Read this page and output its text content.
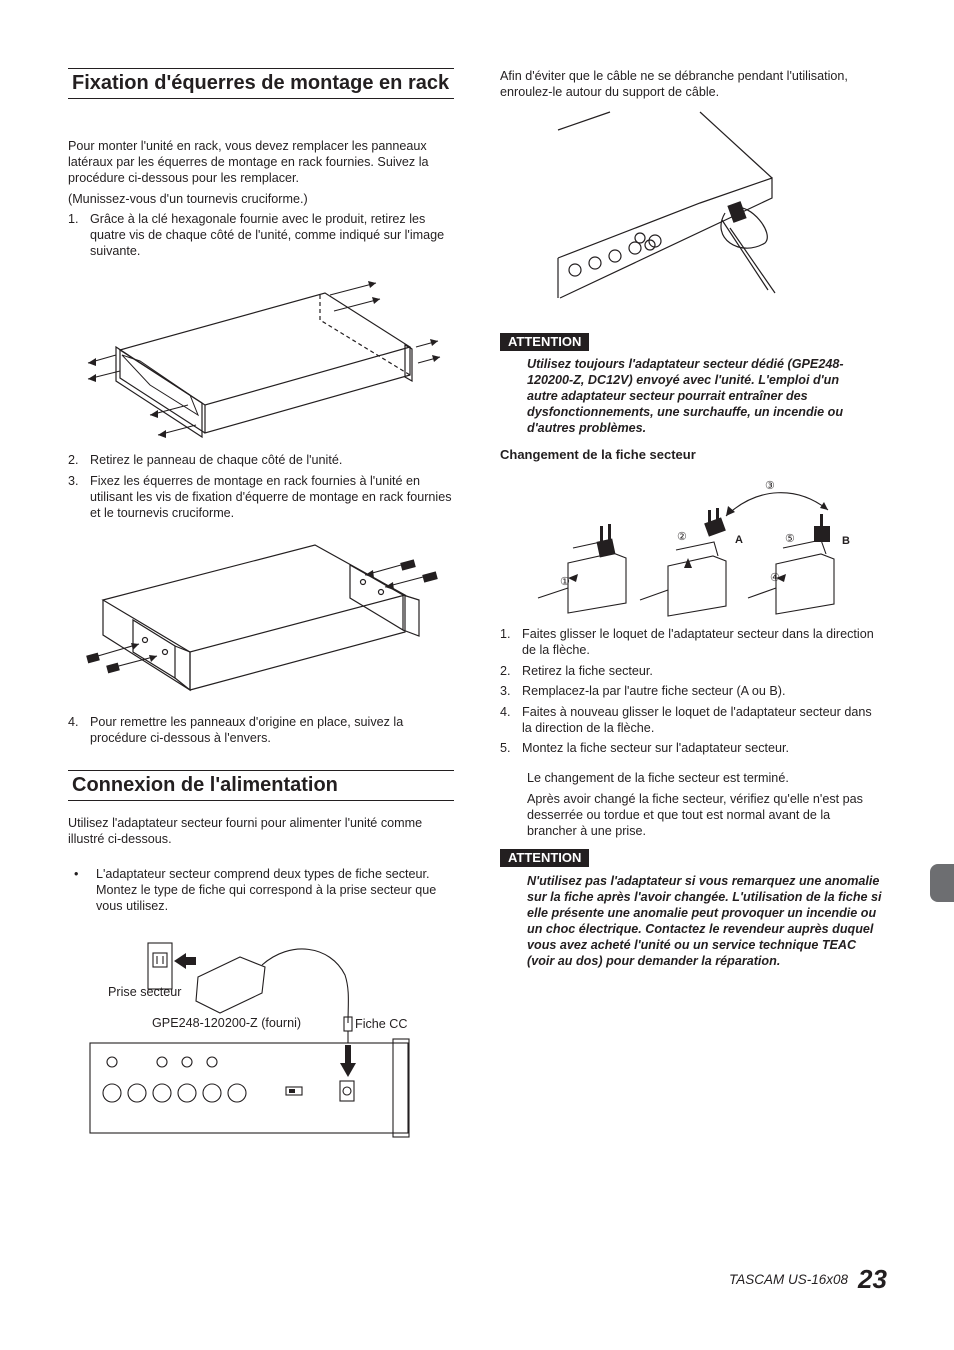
Fixation d'équerres de montage en rack
Pour monter l'unité en rack, vous devez remplacer les panneaux latéraux par les équerres de montage en rack fournies. Suivez la procédure ci-dessous pour les remplacer.
(Munissez-vous d'un tournevis cruciforme.)
1. Grâce à la clé hexagonale fournie avec le produit, retirez les quatre vis de chaque côté de l'unité, comme indiqué sur l'image suivante.
2. Retirez le panneau de chaque côté de l'unité.
3. Fixez les équerres de montage en rack fournies à l'unité en utilisant les vis de fixation d'équerre de montage en rack fournies et le tournevis cruciforme.
4. Pour remettre les panneaux d'origine en place, suivez la procédure ci-dessous à l'envers.
Connexion de l'alimentation
Utilisez l'adaptateur secteur fourni pour alimenter l'unité comme illustré ci-dessous.
• L'adaptateur secteur comprend deux types de fiche secteur. Montez le type de fiche qui correspond à la prise secteur que vous utilisez.
Prise secteur
GPE248-120200-Z (fourni)	Fiche CC
Afin d'éviter que le câble ne se débranche pendant l'utilisation, enroulez-le autour du support de câble.
ATTENTION
Utilisez toujours l'adaptateur secteur dédié (GPE248-120200-Z, DC12V) envoyé avec l'unité. L'emploi d'un autre adaptateur secteur pourrait entraîner des dysfonctionnements, une surchauffe, un incendie ou d'autres problèmes.
Changement de la fiche secteur
①
②
③
④
⑤
A	B
1. Faites glisser le loquet de l'adaptateur secteur dans la direction de la flèche.
2. Retirez la fiche secteur.
3. Remplacez-la par l'autre fiche secteur (A ou B).
4. Faites à nouveau glisser le loquet de l'adaptateur secteur dans la direction de la flèche.
5. Montez la fiche secteur sur l'adaptateur secteur.
Le changement de la fiche secteur est terminé.
Après avoir changé la fiche secteur, vérifiez qu'elle n'est pas desserrée ou tordue et que tout est normal avant de la brancher à une prise.
ATTENTION
N'utilisez pas l'adaptateur si vous remarquez une anomalie sur la fiche après l'avoir changée. L'utilisation de la fiche si elle présente une anomalie peut provoquer un incendie ou un choc électrique. Contactez le revendeur auprès duquel vous avez acheté l'unité ou un service technique TEAC (voir au dos) pour demander la réparation.
TASCAM US-16x08 23
